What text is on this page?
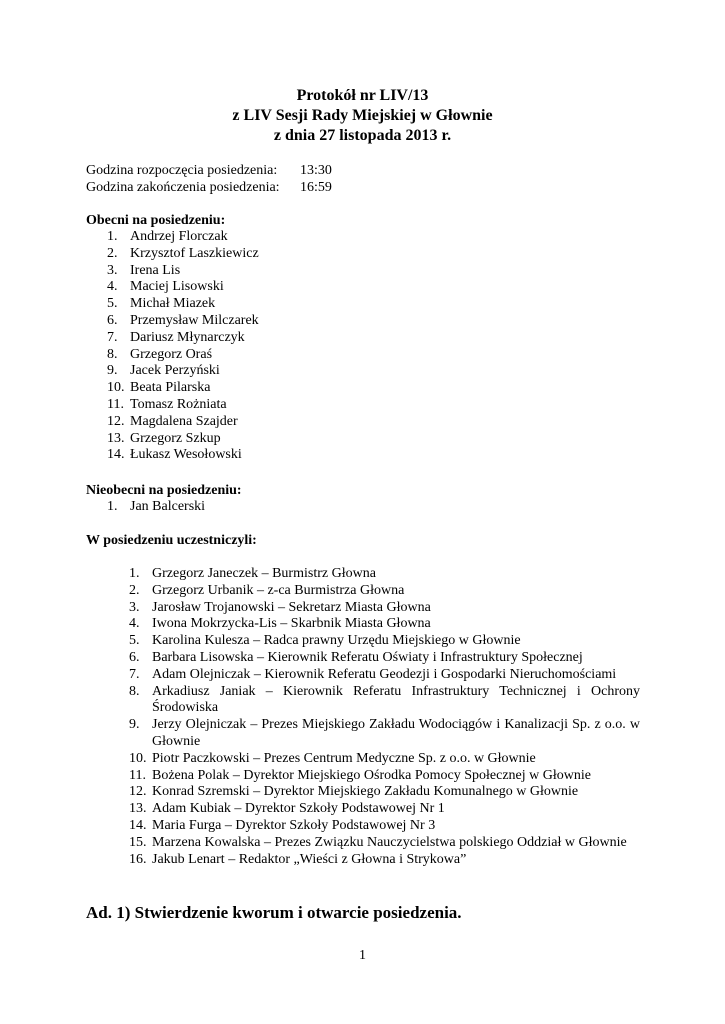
Protokół nr LIV/13
z LIV Sesji Rady Miejskiej w Głownie
z dnia 27 listopada 2013 r.
Godzina rozpoczęcia posiedzenia:	13:30
Godzina zakończenia posiedzenia:	16:59
Obecni na posiedzeniu:
1. Andrzej Florczak
2. Krzysztof Laszkiewicz
3. Irena Lis
4. Maciej Lisowski
5. Michał Miazek
6. Przemysław Milczarek
7. Dariusz Młynarczyk
8. Grzegorz Oraś
9. Jacek Perzyński
10. Beata Pilarska
11. Tomasz Rożniata
12. Magdalena Szajder
13. Grzegorz Szkup
14. Łukasz Wesołowski
Nieobecni na posiedzeniu:
1. Jan Balcerski
W posiedzeniu uczestniczyli:
1. Grzegorz Janeczek – Burmistrz Głowna
2. Grzegorz Urbanik – z-ca Burmistrza Głowna
3. Jarosław Trojanowski – Sekretarz Miasta Głowna
4. Iwona Mokrzycka-Lis – Skarbnik Miasta Głowna
5. Karolina Kulesza – Radca prawny Urzędu Miejskiego w Głownie
6. Barbara Lisowska – Kierownik Referatu Oświaty i Infrastruktury Społecznej
7. Adam Olejniczak – Kierownik Referatu Geodezji i Gospodarki Nieruchomościami
8. Arkadiusz Janiak – Kierownik Referatu Infrastruktury Technicznej i Ochrony Środowiska
9. Jerzy Olejniczak – Prezes Miejskiego Zakładu Wodociągów i Kanalizacji Sp. z o.o. w Głownie
10. Piotr Paczkowski – Prezes Centrum Medyczne Sp. z o.o. w Głownie
11. Bożena Polak – Dyrektor Miejskiego Ośrodka Pomocy Społecznej w Głownie
12. Konrad Szremski – Dyrektor Miejskiego Zakładu Komunalnego w Głownie
13. Adam Kubiak – Dyrektor Szkoły Podstawowej Nr 1
14. Maria Furga – Dyrektor Szkoły Podstawowej Nr 3
15. Marzena Kowalska – Prezes Związku Nauczycielstwa polskiego Oddział w Głownie
16. Jakub Lenart – Redaktor „Wieści z Głowna i Strykowa”
Ad. 1) Stwierdzenie kworum i otwarcie posiedzenia.
1
